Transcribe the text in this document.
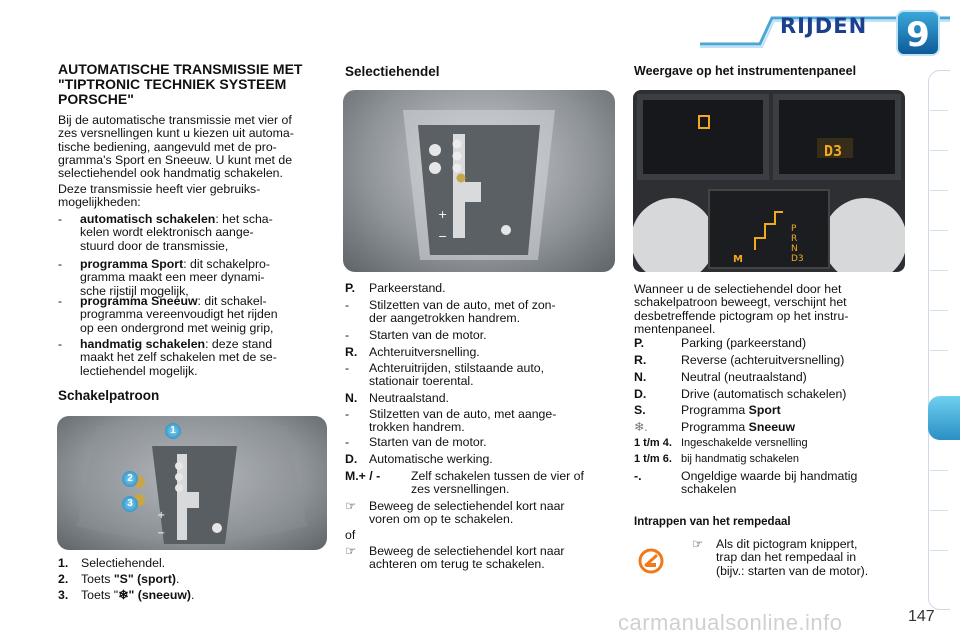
RIJDEN 9
AUTOMATISCHE TRANSMISSIE MET "TIPTRONIC TECHNIEK SYSTEEM PORSCHE"
Bij de automatische transmissie met vier of
zes versnellingen kunt u kiezen uit automa-
tische bediening, aangevuld met de pro-
gramma's Sport en Sneeuw. U kunt met de
selectiehendel ook handmatig schakelen.
Deze transmissie heeft vier gebruiks-
mogelijkheden:
- automatisch schakelen: het scha-
kelen wordt elektronisch aange-
stuurd door de transmissie,
- programma Sport: dit schakelpro-
gramma maakt een meer dynami-
sche rijstijl mogelijk,
- programma Sneeuw: dit schakel-
programma vereenvoudigt het rijden
op een ondergrond met weinig grip,
- handmatig schakelen: deze stand
maakt het zelf schakelen met de se-
lectiehendel mogelijk.
Schakelpatroon
+
−
1
2
3
1. Selectiehendel.
2. Toets "S" (sport).
3. Toets "❄" (sneeuw).
Selectiehendel
+
−
P. Parkeerstand.
- Stilzetten van de auto, met of zon-
der aangetrokken handrem.
- Starten van de motor.
R. Achteruitversnelling.
- Achteruitrijden, stilstaande auto,
stationair toerental.
N. Neutraalstand.
- Stilzetten van de auto, met aange-
trokken handrem.
- Starten van de motor.
D. Automatische werking.
M.+ / -	Zelf schakelen tussen de vier of
zes versnellingen.
☞ Beweeg de selectiehendel kort naar
voren om op te schakelen.
of
☞ Beweeg de selectiehendel kort naar
achteren om terug te schakelen.
Weergave op het instrumentenpaneel
D3
P
R
N
D3
M
Wanneer u de selectiehendel door het
schakelpatroon beweegt, verschijnt het
desbetreffende pictogram op het instru-
mentenpaneel.
P.	Parking (parkeerstand)
R.	Reverse (achteruitversnelling)
N.	Neutral (neutraalstand)
D.	Drive (automatisch schakelen)
S.	Programma Sport
❄.	Programma Sneeuw
1 t/m 4. Ingeschakelde versnelling
1 t/m 6. bij handmatig schakelen
-.	Ongeldige waarde bij handmatig
schakelen
Intrappen van het rempedaal
☞ Als dit pictogram knippert,
trap dan het rempedaal in
(bijv.: starten van de motor).
carmanualsonline.info	147
